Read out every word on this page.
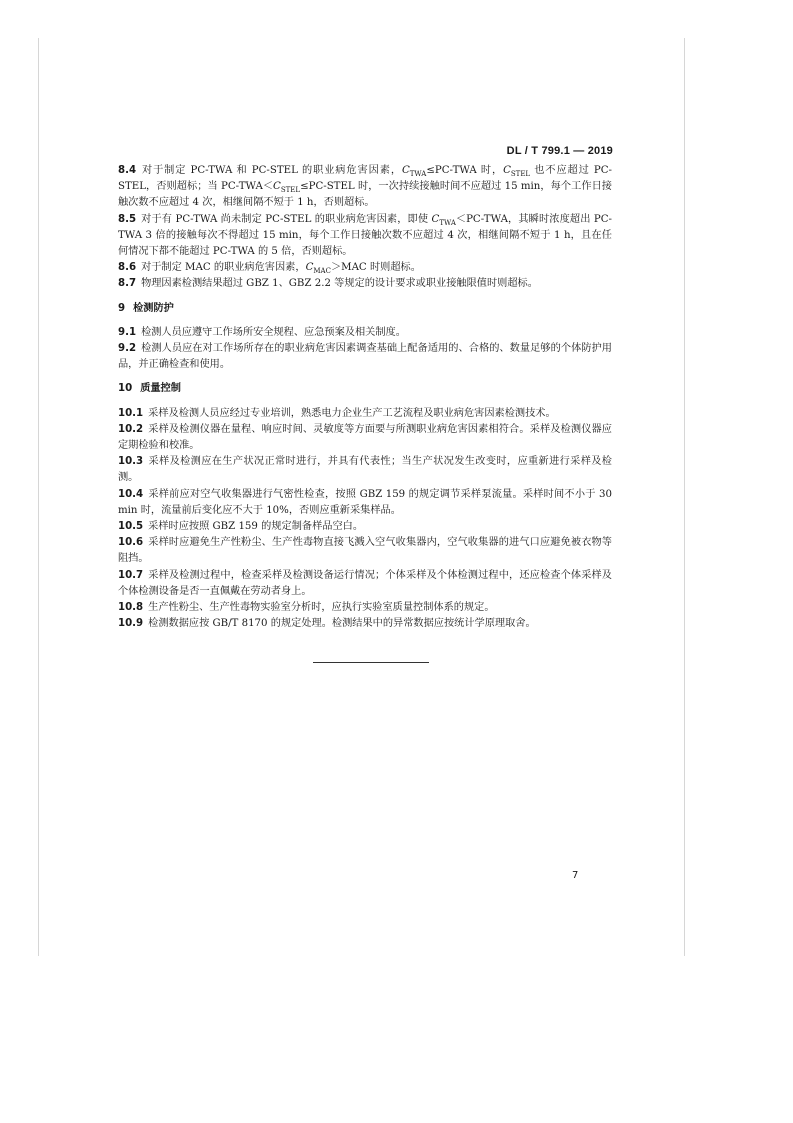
DL / T 799.1 — 2019

8.4 对于制定 PC-TWA 和 PC-STEL 的职业病危害因素，$C_{TWA}\le PC$-TWA 时，$C_{STEL}$ 也不应超过 PC-STEL，否则超标；当 $PC-TWA<C_{STEL}\le PC$-STEL 时，一次持续接触时间不应超过 15 min，每个工作日接触次数不应超过 4 次，相继间隔不短于 1 h，否则超标。

8.5 对于有 PC-TWA 尚未制定 PC-STEL 的职业病危害因素，即使 $C_{TWA}<PC$-TWA，其瞬时浓度超出 PC-TWA 3 倍的接触每次不得超过 15 min，每个工作日接触次数不应超过 4 次，相继间隔不短于 1 h，且在任何情况下都不能超过 PC-TWA 的 5 倍，否则超标。

8.6 对于制定 MAC 的职业病危害因素，$C_{MAC}>MAC$ 时则超标。

8.7 物理因素检测结果超过 GBZ 1、GBZ 2.2 等规定的设计要求或职业接触限值时则超标。

9 检测防护

9.1 检测人员应遵守工作场所安全规程、应急预案及相关制度。

9.2 检测人员应在对工作场所存在的职业病危害因素调查基础上配备适用的、合格的、数量足够的个体防护用品，并正确检查和使用。

10 质量控制

10.1 采样及检测人员应经过专业培训，熟悉电力企业生产工艺流程及职业病危害因素检测技术。

10.2 采样及检测仪器在量程、响应时间、灵敏度等方面要与所测职业病危害因素相符合。采样及检测仪器应定期检验和校准。

10.3 采样及检测应在生产状况正常时进行，并具有代表性；当生产状况发生改变时，应重新进行采样及检测。

10.4 采样前应对空气收集器进行气密性检查，按照 GBZ 159 的规定调节采样泵流量。采样时间不小于 30 min 时，流量前后变化应不大于 10%，否则应重新采集样品。

10.5 采样时应按照 GBZ 159 的规定制备样品空白。

10.6 采样时应避免生产性粉尘、生产性毒物直接飞溅入空气收集器内，空气收集器的进气口应避免被衣物等阻挡。

10.7 采样及检测过程中，检查采样及检测设备运行情况；个体采样及个体检测过程中，还应检查个体采样及个体检测设备是否一直佩戴在劳动者身上。

10.8 生产性粉尘、生产性毒物实验室分析时，应执行实验室质量控制体系的规定。

10.9 检测数据应按 GB/T 8170 的规定处理。检测结果中的异常数据应按统计学原理取舍。

7
